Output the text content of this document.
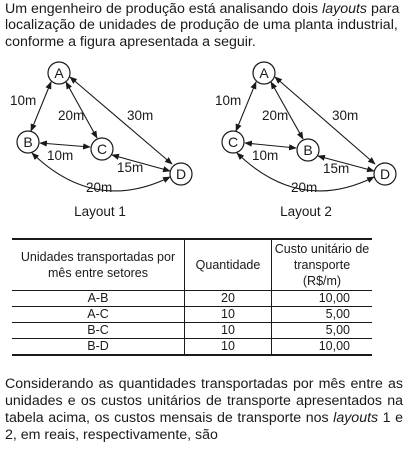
Um engenheiro de produção está analisando dois layouts para localização de unidades de produção de uma planta industrial, conforme a figura apresentada a seguir.

10m
20m	30m
10m
15m
20m
A
B	C
D
Layout 1
10m
20m	30m
10m
15m
20m
A
C	B
D
Layout 2
Unidades transportadas por mês entre setores	Quantidade	Custo unitário de transporte (R$/m)
A-B	20	10,00
A-C	10	5,00
B-C	10	5,00
B-D	10	10,00

Considerando as quantidades transportadas por mês entre as unidades e os custos unitários de transporte apresentados na tabela acima, os custos mensais de transporte nos layouts 1 e 2, em reais, respectivamente, são
